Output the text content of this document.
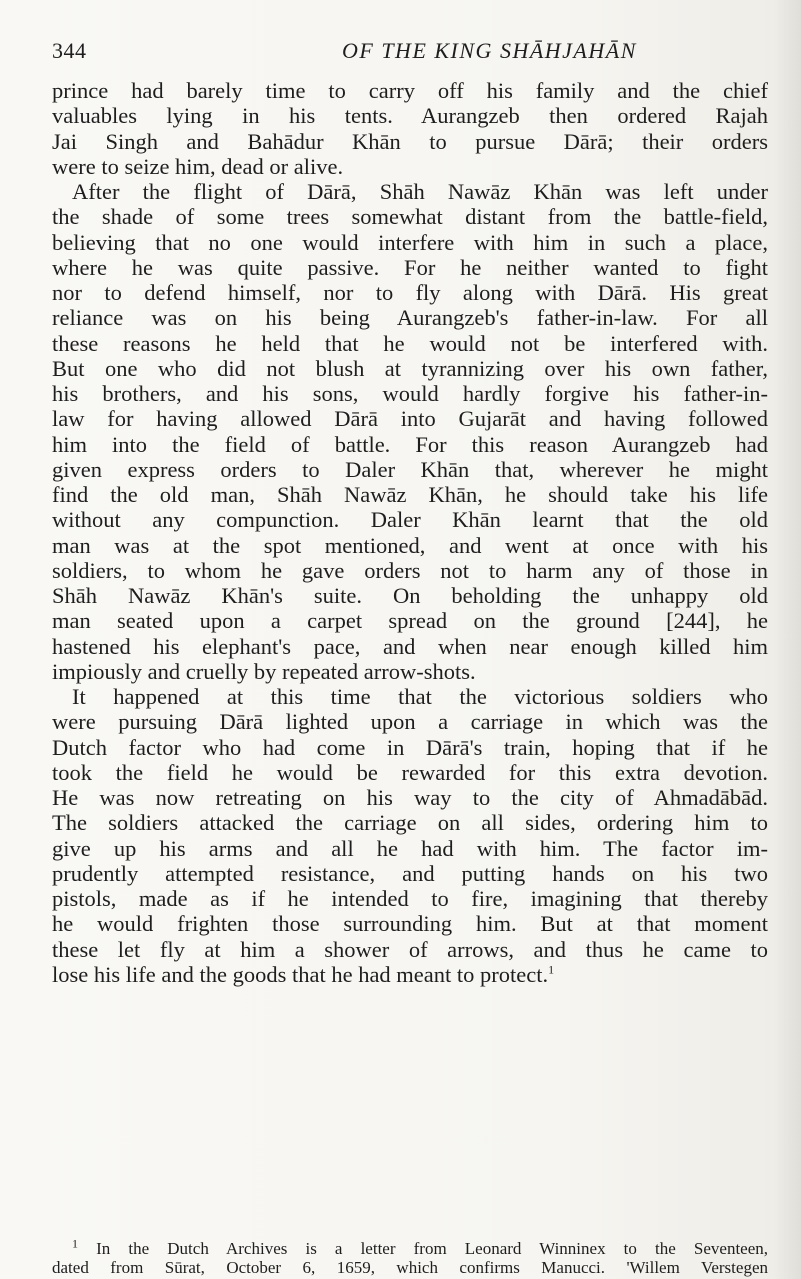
344	OF THE KING SHĀHJAHĀN
prince had barely time to carry off his family and the chief
valuables lying in his tents. Aurangzeb then ordered Rajah
Jai Singh and Bahādur Khān to pursue Dārā; their orders
were to seize him, dead or alive.
After the flight of Dārā, Shāh Nawāz Khān was left under
the shade of some trees somewhat distant from the battle-field,
believing that no one would interfere with him in such a place,
where he was quite passive. For he neither wanted to fight
nor to defend himself, nor to fly along with Dārā. His great
reliance was on his being Aurangzeb's father-in-law. For all
these reasons he held that he would not be interfered with.
But one who did not blush at tyrannizing over his own father,
his brothers, and his sons, would hardly forgive his father-in-
law for having allowed Dārā into Gujarāt and having followed
him into the field of battle. For this reason Aurangzeb had
given express orders to Daler Khān that, wherever he might
find the old man, Shāh Nawāz Khān, he should take his life
without any compunction. Daler Khān learnt that the old
man was at the spot mentioned, and went at once with his
soldiers, to whom he gave orders not to harm any of those in
Shāh Nawāz Khān's suite. On beholding the unhappy old
man seated upon a carpet spread on the ground [244], he
hastened his elephant's pace, and when near enough killed him
impiously and cruelly by repeated arrow-shots.
It happened at this time that the victorious soldiers who
were pursuing Dārā lighted upon a carriage in which was the
Dutch factor who had come in Dārā's train, hoping that if he
took the field he would be rewarded for this extra devotion.
He was now retreating on his way to the city of Ahmadābād.
The soldiers attacked the carriage on all sides, ordering him to
give up his arms and all he had with him. The factor im-
prudently attempted resistance, and putting hands on his two
pistols, made as if he intended to fire, imagining that thereby
he would frighten those surrounding him. But at that moment
these let fly at him a shower of arrows, and thus he came to
lose his life and the goods that he had meant to protect.$^1$
$^1$ In the Dutch Archives is a letter from Leonard Winninex to the Seventeen,
dated from Sūrat, October 6, 1659, which confirms Manucci. 'Willem Verstegen
